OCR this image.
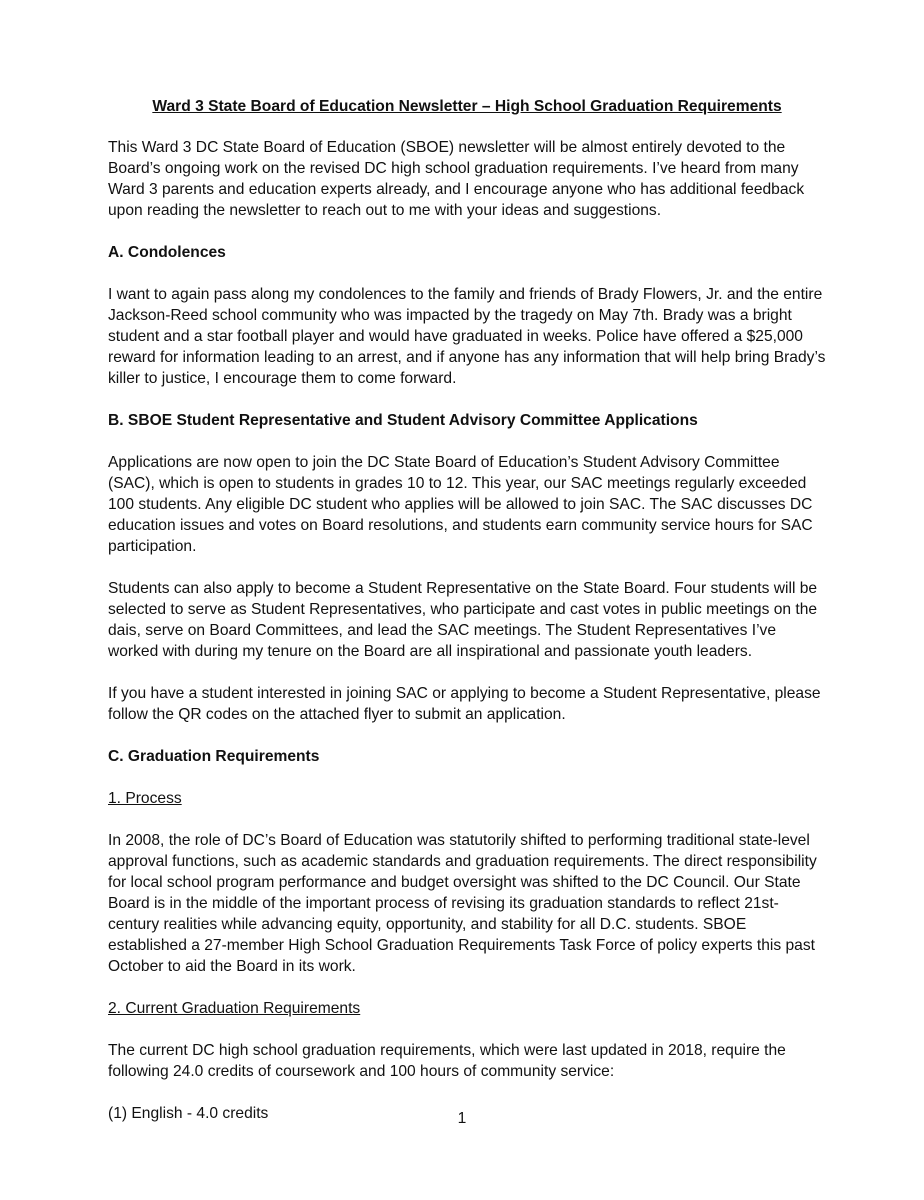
Ward 3 State Board of Education Newsletter – High School Graduation Requirements

This Ward 3 DC State Board of Education (SBOE) newsletter will be almost entirely devoted to the Board’s ongoing work on the revised DC high school graduation requirements. I’ve heard from many Ward 3 parents and education experts already, and I encourage anyone who has additional feedback upon reading the newsletter to reach out to me with your ideas and suggestions.

A. Condolences

I want to again pass along my condolences to the family and friends of Brady Flowers, Jr. and the entire Jackson-Reed school community who was impacted by the tragedy on May 7th. Brady was a bright student and a star football player and would have graduated in weeks. Police have offered a $25,000 reward for information leading to an arrest, and if anyone has any information that will help bring Brady’s killer to justice, I encourage them to come forward.

B. SBOE Student Representative and Student Advisory Committee Applications

Applications are now open to join the DC State Board of Education’s Student Advisory Committee (SAC), which is open to students in grades 10 to 12. This year, our SAC meetings regularly exceeded 100 students. Any eligible DC student who applies will be allowed to join SAC. The SAC discusses DC education issues and votes on Board resolutions, and students earn community service hours for SAC participation.

Students can also apply to become a Student Representative on the State Board. Four students will be selected to serve as Student Representatives, who participate and cast votes in public meetings on the dais, serve on Board Committees, and lead the SAC meetings. The Student Representatives I’ve worked with during my tenure on the Board are all inspirational and passionate youth leaders.

If you have a student interested in joining SAC or applying to become a Student Representative, please follow the QR codes on the attached flyer to submit an application.

C. Graduation Requirements
1. Process

In 2008, the role of DC’s Board of Education was statutorily shifted to performing traditional state-level approval functions, such as academic standards and graduation requirements. The direct responsibility for local school program performance and budget oversight was shifted to the DC Council. Our State Board is in the middle of the important process of revising its graduation standards to reflect 21st-century realities while advancing equity, opportunity, and stability for all D.C. students. SBOE established a 27-member High School Graduation Requirements Task Force of policy experts this past October to aid the Board in its work.

2. Current Graduation Requirements

The current DC high school graduation requirements, which were last updated in 2018, require the following 24.0 credits of coursework and 100 hours of community service:

(1) English - 4.0 credits	1
